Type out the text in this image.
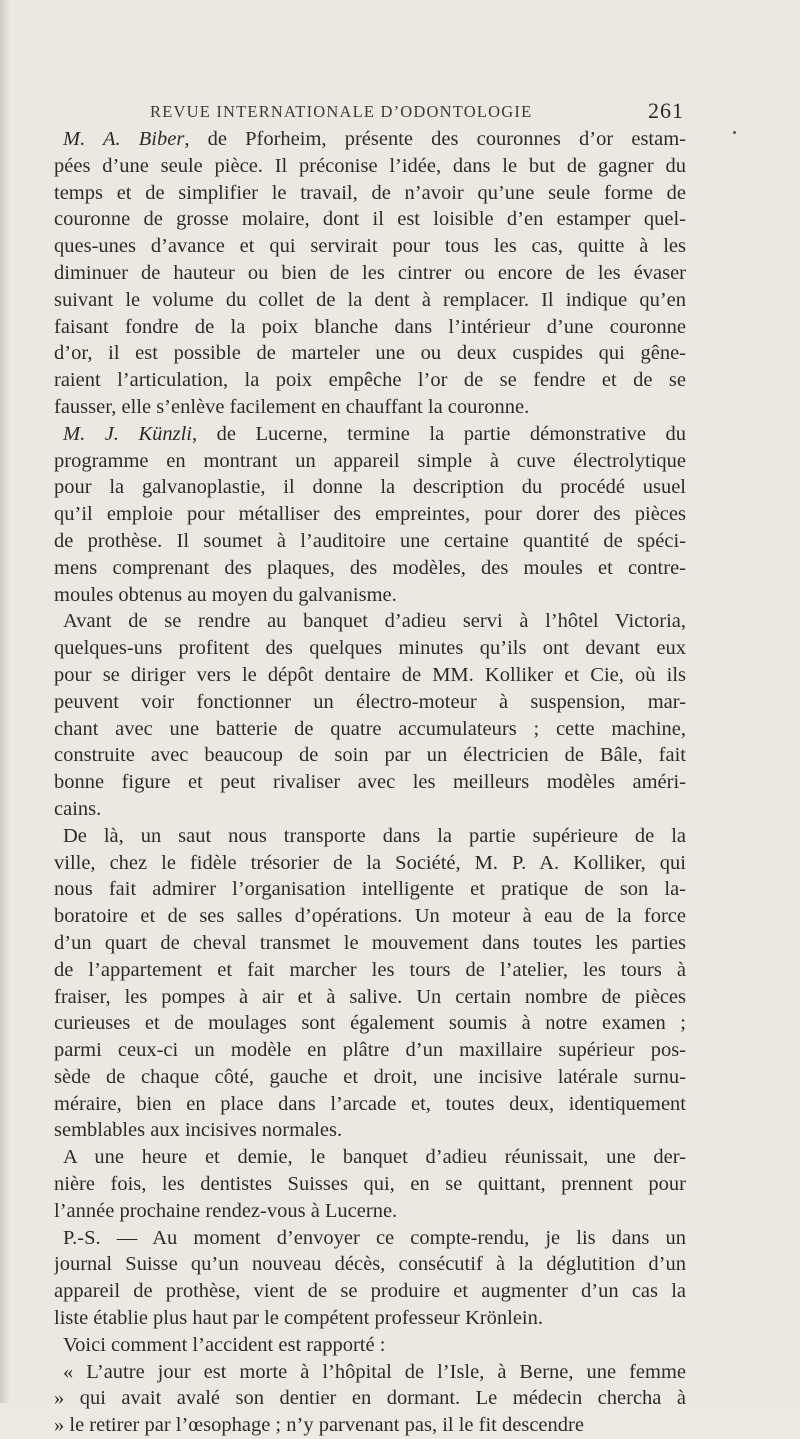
REVUE INTERNATIONALE D’ODONTOLOGIE	261

M. A. Biber, de Pforheim, présente des couronnes d’or estam-
pées d’une seule pièce. Il préconise l’idée, dans le but de gagner du
temps et de simplifier le travail, de n’avoir qu’une seule forme de
couronne de grosse molaire, dont il est loisible d’en estamper quel-
ques-unes d’avance et qui servirait pour tous les cas, quitte à les
diminuer de hauteur ou bien de les cintrer ou encore de les évaser
suivant le volume du collet de la dent à remplacer. Il indique qu’en
faisant fondre de la poix blanche dans l’intérieur d’une couronne
d’or, il est possible de marteler une ou deux cuspides qui gêne-
raient l’articulation, la poix empêche l’or de se fendre et de se
fausser, elle s’enlève facilement en chauffant la couronne.

M. J. Künzli, de Lucerne, termine la partie démonstrative du
programme en montrant un appareil simple à cuve électrolytique
pour la galvanoplastie, il donne la description du procédé usuel
qu’il emploie pour métalliser des empreintes, pour dorer des pièces
de prothèse. Il soumet à l’auditoire une certaine quantité de spéci-
mens comprenant des plaques, des modèles, des moules et contre-
moules obtenus au moyen du galvanisme.

Avant de se rendre au banquet d’adieu servi à l’hôtel Victoria,
quelques-uns profitent des quelques minutes qu’ils ont devant eux
pour se diriger vers le dépôt dentaire de MM. Kolliker et Cie, où ils
peuvent voir fonctionner un électro-moteur à suspension, mar-
chant avec une batterie de quatre accumulateurs ; cette machine,
construite avec beaucoup de soin par un électricien de Bâle, fait
bonne figure et peut rivaliser avec les meilleurs modèles améri-
cains.

De là, un saut nous transporte dans la partie supérieure de la
ville, chez le fidèle trésorier de la Société, M. P. A. Kolliker, qui
nous fait admirer l’organisation intelligente et pratique de son la-
boratoire et de ses salles d’opérations. Un moteur à eau de la force
d’un quart de cheval transmet le mouvement dans toutes les parties
de l’appartement et fait marcher les tours de l’atelier, les tours à
fraiser, les pompes à air et à salive. Un certain nombre de pièces
curieuses et de moulages sont également soumis à notre examen ;
parmi ceux-ci un modèle en plâtre d’un maxillaire supérieur pos-
sède de chaque côté, gauche et droit, une incisive latérale surnu-
méraire, bien en place dans l’arcade et, toutes deux, identiquement
semblables aux incisives normales.

A une heure et demie, le banquet d’adieu réunissait, une der-
nière fois, les dentistes Suisses qui, en se quittant, prennent pour
l’année prochaine rendez-vous à Lucerne.

P.-S. — Au moment d’envoyer ce compte-rendu, je lis dans un
journal Suisse qu’un nouveau décès, consécutif à la déglutition d’un
appareil de prothèse, vient de se produire et augmenter d’un cas la
liste établie plus haut par le compétent professeur Krönlein.

Voici comment l’accident est rapporté :

« L’autre jour est morte à l’hôpital de l’Isle, à Berne, une femme
» qui avait avalé son dentier en dormant. Le médecin chercha à
» le retirer par l’œsophage ; n’y parvenant pas, il le fit descendre
